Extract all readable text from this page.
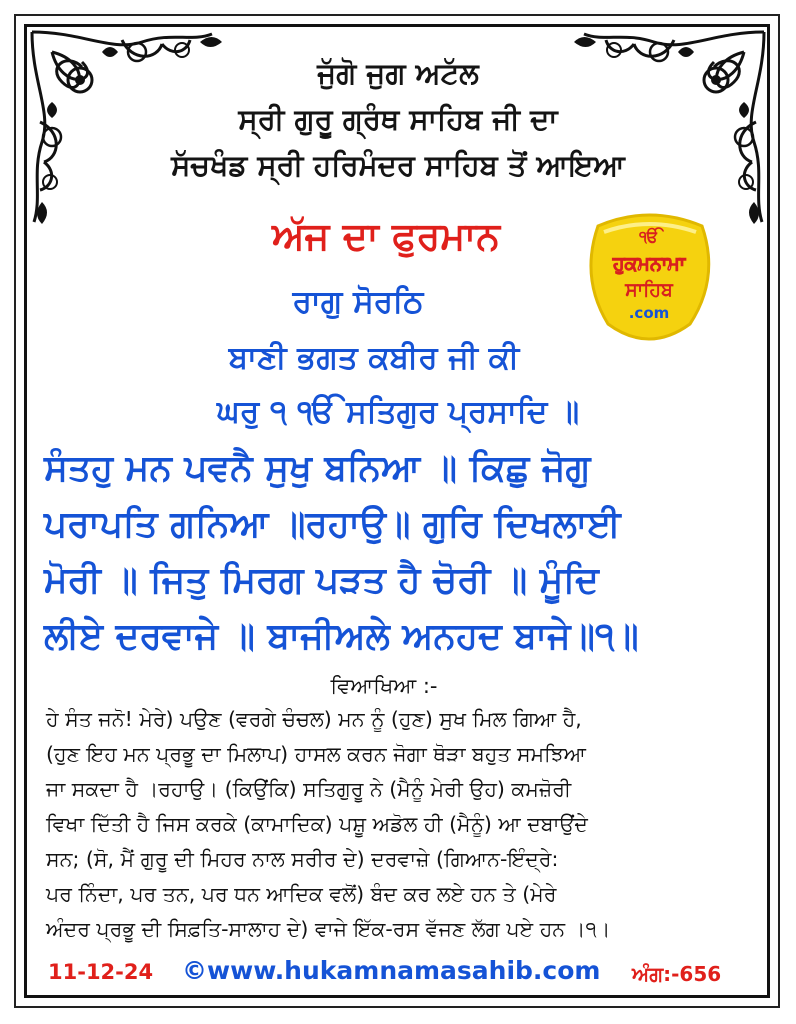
ਜੁੱਗੋ ਜੁਗ ਅਟੱਲ
ਸ੍ਰੀ ਗੁਰੂ ਗ੍ਰੰਥ ਸਾਹਿਬ ਜੀ ਦਾ
ਸੱਚਖੰਡ ਸ੍ਰੀ ਹਰਿਮੰਦਰ ਸਾਹਿਬ ਤੋਂ ਆਇਆ
ਅੱਜ ਦਾ ਫੁਰਮਾਨ	ੴ
ਹੁਕਮਨਾਮਾ
ਸਾਹਿਬ
.com
ਰਾਗੁ ਸੋਰਠਿ
ਬਾਣੀ ਭਗਤ ਕਬੀਰ ਜੀ ਕੀ
ਘਰੁ ੧ ੴ ਸਤਿਗੁਰ ਪ੍ਰਸਾਦਿ ॥
ਸੰਤਹੁ ਮਨ ਪਵਨੈ ਸੁਖੁ ਬਨਿਆ ॥ ਕਿਛੁ ਜੋਗੁ
ਪਰਾਪਤਿ ਗਨਿਆ ॥ਰਹਾਉ॥ ਗੁਰਿ ਦਿਖਲਾਈ
ਮੋਰੀ ॥ ਜਿਤੁ ਮਿਰਗ ਪੜਤ ਹੈ ਚੋਰੀ ॥ ਮੂੰਦਿ
ਲੀਏ ਦਰਵਾਜੇ ॥ ਬਾਜੀਅਲੇ ਅਨਹਦ ਬਾਜੇ॥੧॥
ਵਿਆਖਿਆ :-
ਹੇ ਸੰਤ ਜਨੋ! ਮੇਰੇ) ਪਉਣ (ਵਰਗੇ ਚੰਚਲ) ਮਨ ਨੂੰ (ਹੁਣ) ਸੁਖ ਮਿਲ ਗਿਆ ਹੈ,
(ਹੁਣ ਇਹ ਮਨ ਪ੍ਰਭੂ ਦਾ ਮਿਲਾਪ) ਹਾਸਲ ਕਰਨ ਜੋਗਾ ਥੋੜਾ ਬਹੁਤ ਸਮਝਿਆ
ਜਾ ਸਕਦਾ ਹੈ ।ਰਹਾਉ। (ਕਿਉਂਕਿ) ਸਤਿਗੁਰੂ ਨੇ (ਮੈਨੂੰ ਮੇਰੀ ਉਹ) ਕਮਜ਼ੋਰੀ
ਵਿਖਾ ਦਿੱਤੀ ਹੈ ਜਿਸ ਕਰਕੇ (ਕਾਮਾਦਿਕ) ਪਸ਼ੂ ਅਡੋਲ ਹੀ (ਮੈਨੂੰ) ਆ ਦਬਾਉਂਦੇ
ਸਨ; (ਸੋ, ਮੈਂ ਗੁਰੂ ਦੀ ਮਿਹਰ ਨਾਲ ਸਰੀਰ ਦੇ) ਦਰਵਾਜ਼ੇ (ਗਿਆਨ-ਇੰਦ੍ਰੇ:
ਪਰ ਨਿੰਦਾ, ਪਰ ਤਨ, ਪਰ ਧਨ ਆਦਿਕ ਵਲੋਂ) ਬੰਦ ਕਰ ਲਏ ਹਨ ਤੇ (ਮੇਰੇ
ਅੰਦਰ ਪ੍ਰਭੂ ਦੀ ਸਿਫ਼ਤਿ-ਸਾਲਾਹ ਦੇ) ਵਾਜੇ ਇੱਕ-ਰਸ ਵੱਜਣ ਲੱਗ ਪਏ ਹਨ ।੧।
11-12-24 ©www.hukamnamasahib.com ਅੰਗ:-656
